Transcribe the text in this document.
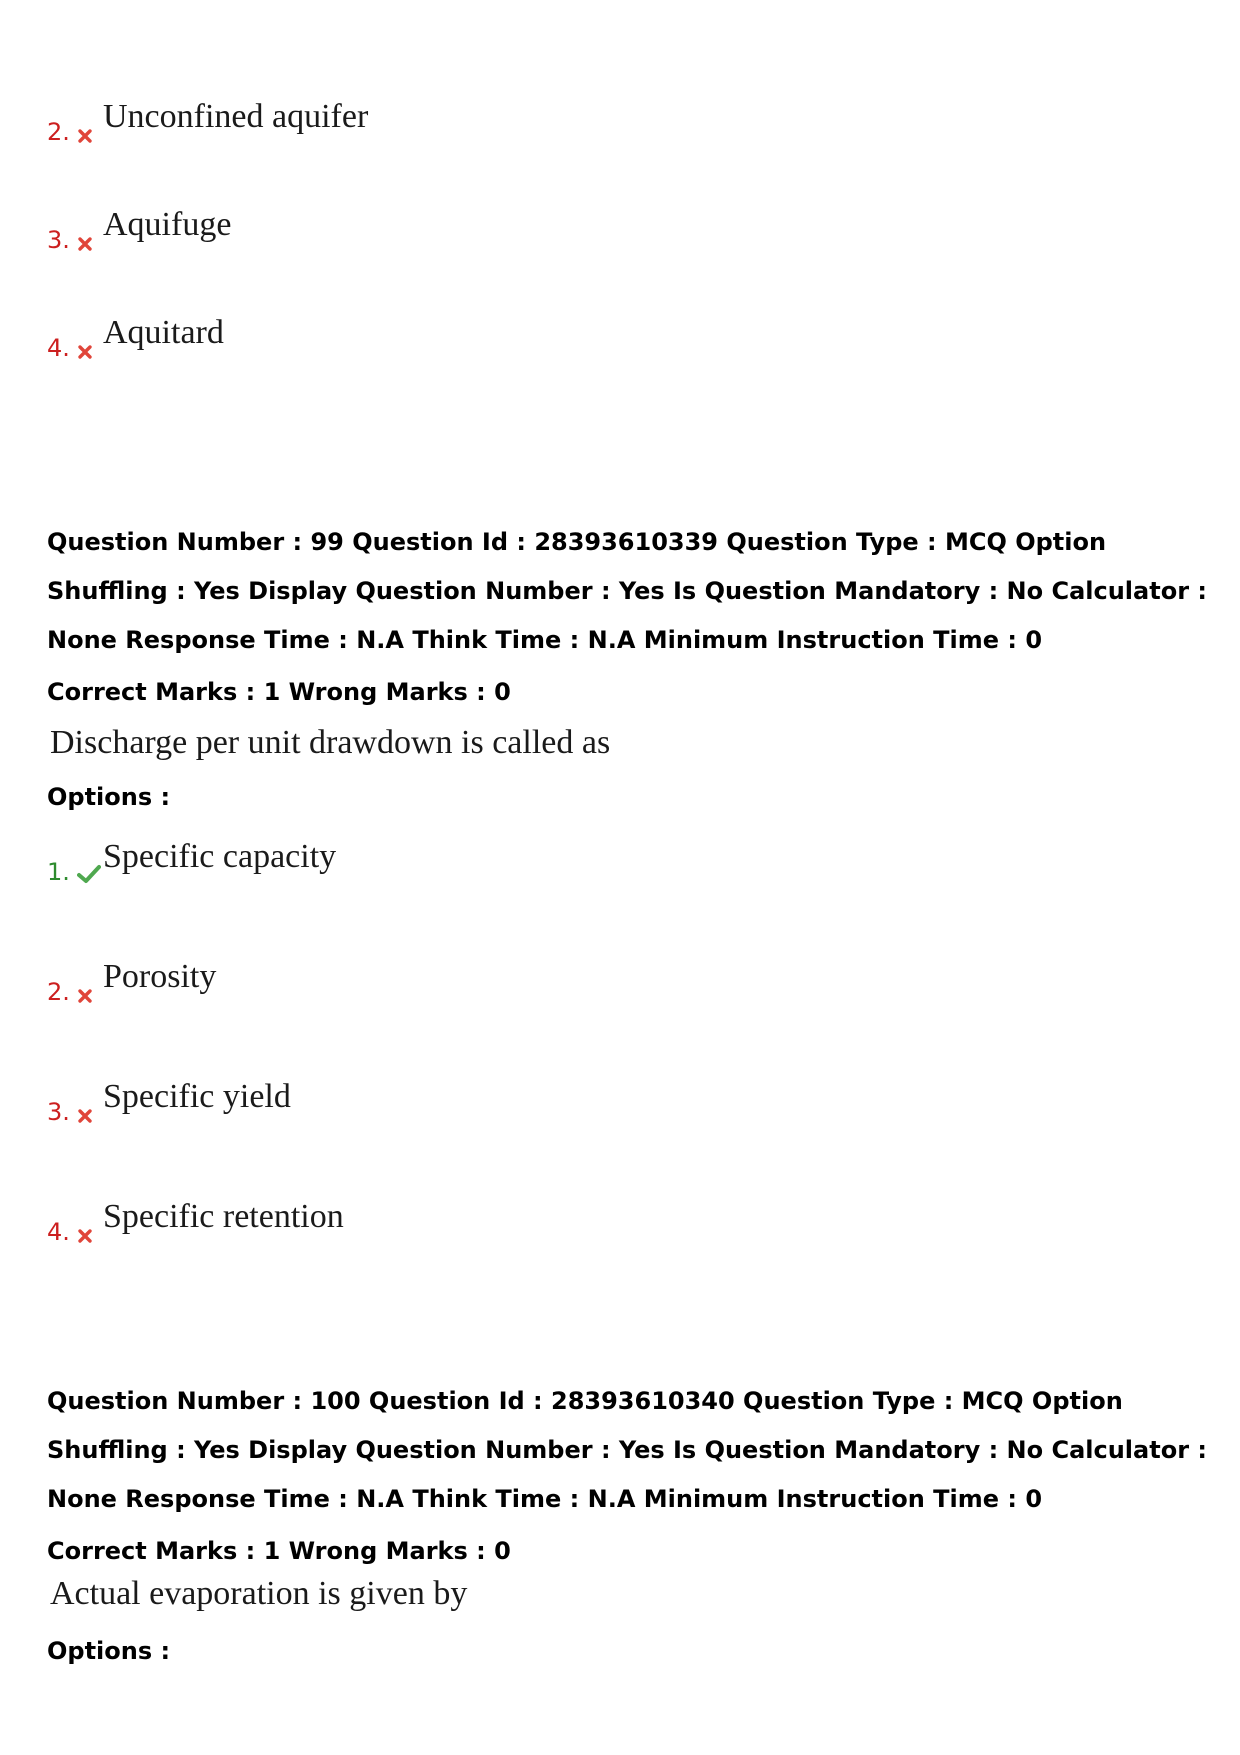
2. Unconfined aquifer
3. Aquifuge
4. Aquitard
Question Number : 99 Question Id : 28393610339 Question Type : MCQ Option Shuffling : Yes Display Question Number : Yes Is Question Mandatory : No Calculator : None Response Time : N.A Think Time : N.A Minimum Instruction Time : 0
Correct Marks : 1 Wrong Marks : 0
Discharge per unit drawdown is called as
Options :
1. Specific capacity
2. Porosity
3. Specific yield
4. Specific retention
Question Number : 100 Question Id : 28393610340 Question Type : MCQ Option Shuffling : Yes Display Question Number : Yes Is Question Mandatory : No Calculator : None Response Time : N.A Think Time : N.A Minimum Instruction Time : 0
Correct Marks : 1 Wrong Marks : 0
Actual evaporation is given by
Options :
